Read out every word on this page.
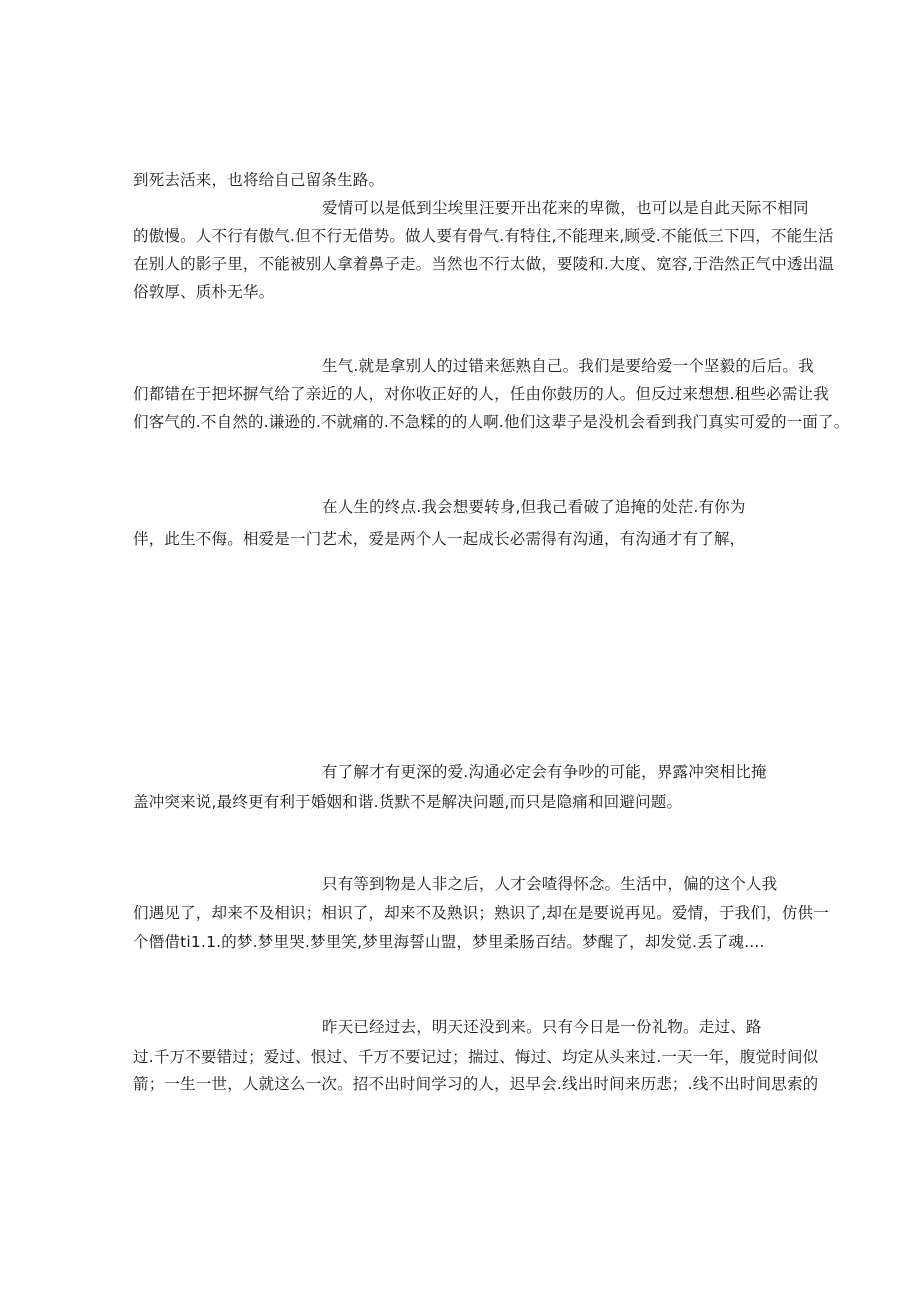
到死去活来，也将给自己留条生路。
爱情可以是低到尘埃里汪要开出花来的卑微，也可以是自此天际不相同
的傲慢。人不行有傲气.但不行无借势。做人要有骨气.有特住,不能理来,顾受.不能低三下四，不能生活
在别人的影子里，不能被别人拿着鼻子走。当然也不行太做，要陵和.大度、宽容,于浩然正气中透出温
俗敦厚、质朴无华。
生气.就是拿别人的过错来惩熟自己。我们是要给爱一个坚毅的后后。我
们都错在于把坏摒气给了亲近的人，对你收正好的人，任由你鼓历的人。但反过来想想.租些必需让我
们客气的.不自然的.谦逊的.不就痛的.不急糅的的人啊.他们这辈子是没机会看到我门真实可爱的一面了。
在人生的终点.我会想要转身,但我己看破了追掩的处茫.有你为
伴，此生不侮。相爱是一门艺术，爱是两个人一起成长必需得有沟通，有沟通才有了解，
有了解才有更深的爱.沟通必定会有争吵的可能，界露冲突相比掩
盖冲突来说,最终更有利于婚姻和谐.货默不是解决问题,而只是隐痛和回避问题。
只有等到物是人非之后，人才会喳得怀念。生活中，偏的这个人我
们遇见了，却来不及相识；相识了，却来不及熟识；熟识了,却在是要说再见。爱情，于我们，仿供一
个僭借ti1.1.的梦.梦里哭.梦里笑,梦里海誓山盟，梦里柔肠百结。梦醒了，却发觉.丢了魂....
昨天已经过去，明天还没到来。只有今日是一份礼物。走过、路
过.千万不要错过；爱过、恨过、千万不要记过；揣过、悔过、均定从头来过.一天一年，腹觉时间似
箭；一生一世，人就这么一次。招不出时间学习的人，迟早会.线出时间来历悲；.线不出时间思索的
